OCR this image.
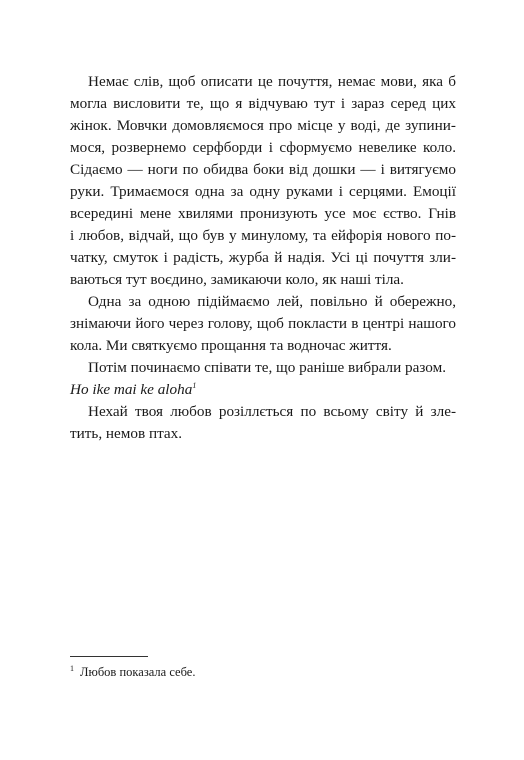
Немає слів, щоб описати це почуття, немає мови, яка б
могла висловити те, що я відчуваю тут і зараз серед цих
жінок. Мовчки домовляємося про місце у воді, де зупини-
мося, розвернемо серфборди і сформуємо невелике коло.
Сідаємо — ноги по обидва боки від дошки — і витягуємо
руки. Тримаємося одна за одну руками і серцями. Емоції
всередині мене хвилями пронизують усе моє єство. Гнів
і любов, відчай, що був у минулому, та ейфорія нового по-
чатку, смуток і радість, журба й надія. Усі ці почуття зли-
ваються тут воєдино, замикаючи коло, як наші тіла.
Одна за одною підіймаємо лей, повільно й обережно,
знімаючи його через голову, щоб покласти в центрі нашого
кола. Ми святкуємо прощання та водночас життя.
Потім починаємо співати те, що раніше вибрали разом.
Ho ike mai ke aloha$^1$
Нехай твоя любов розіллється по всьому світу й зле-
тить, немов птах.
$^1$ Любов показала себе.
